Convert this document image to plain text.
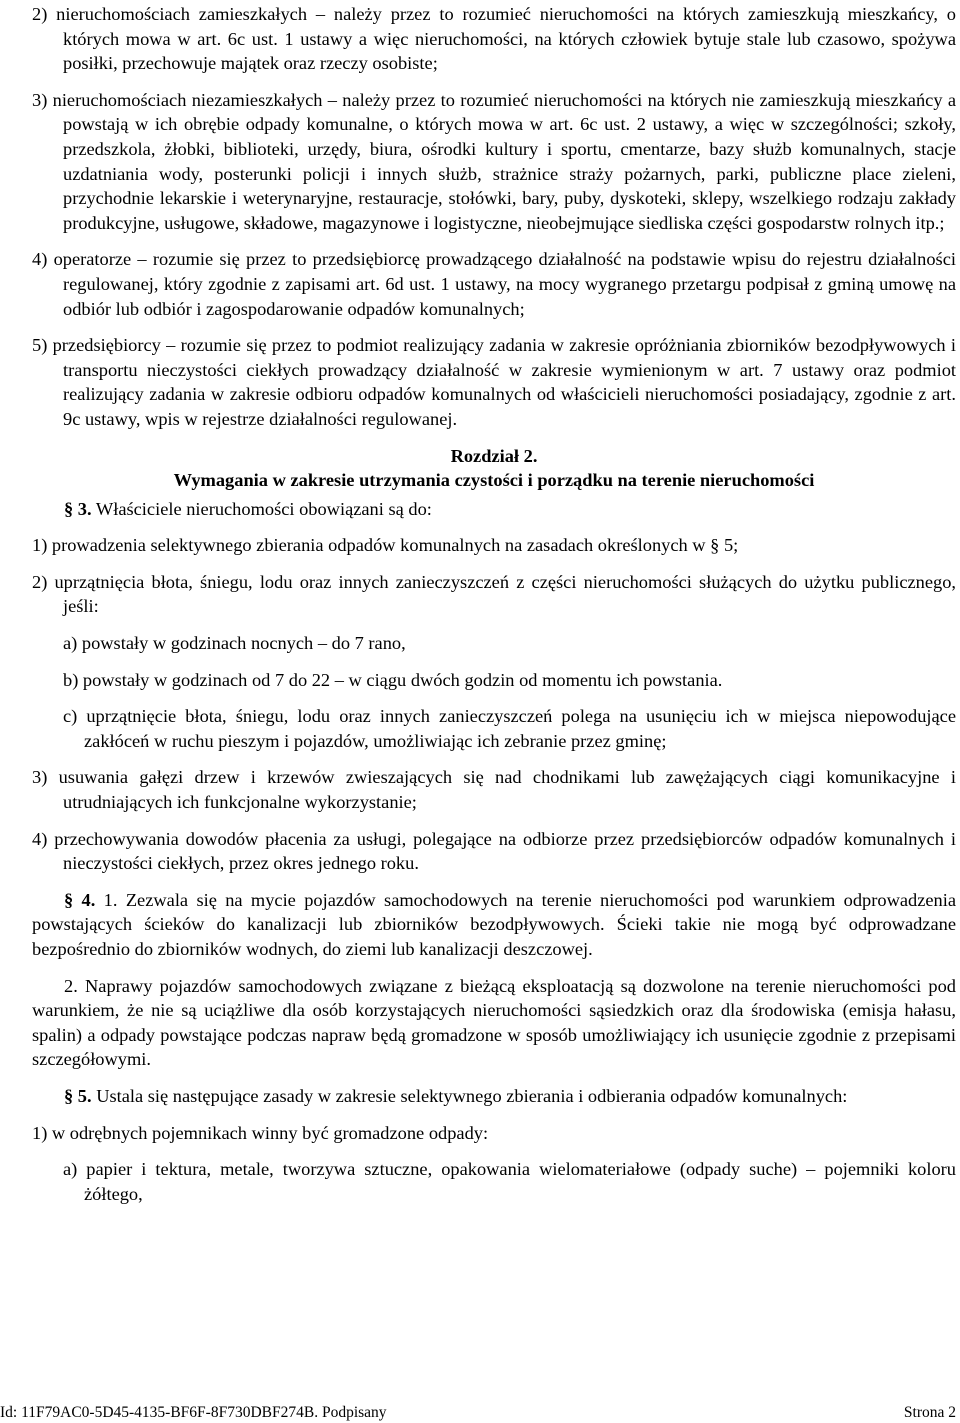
2) nieruchomościach zamieszkałych – należy przez to rozumieć nieruchomości na których zamieszkują mieszkańcy, o których mowa w art. 6c ust. 1 ustawy a więc nieruchomości, na których człowiek bytuje stale lub czasowo, spożywa posiłki, przechowuje majątek oraz rzeczy osobiste;

3) nieruchomościach niezamieszkałych – należy przez to rozumieć nieruchomości na których nie zamieszkują mieszkańcy a powstają w ich obrębie odpady komunalne, o których mowa w art. 6c ust. 2 ustawy, a więc w szczególności; szkoły, przedszkola, żłobki, biblioteki, urzędy, biura, ośrodki kultury i sportu, cmentarze, bazy służb komunalnych, stacje uzdatniania wody, posterunki policji i innych służb, strażnice straży pożarnych, parki, publiczne place zieleni, przychodnie lekarskie i weterynaryjne, restauracje, stołówki, bary, puby, dyskoteki, sklepy, wszelkiego rodzaju zakłady produkcyjne, usługowe, składowe, magazynowe i logistyczne, nieobejmujące siedliska części gospodarstw rolnych itp.;

4) operatorze – rozumie się przez to przedsiębiorcę prowadzącego działalność na podstawie wpisu do rejestru działalności regulowanej, który zgodnie z zapisami art. 6d ust. 1 ustawy, na mocy wygranego przetargu podpisał z gminą umowę na odbiór lub odbiór i zagospodarowanie odpadów komunalnych;

5) przedsiębiorcy – rozumie się przez to podmiot realizujący zadania w zakresie opróżniania zbiorników bezodpływowych i transportu nieczystości ciekłych prowadzący działalność w zakresie wymienionym w art. 7 ustawy oraz podmiot realizujący zadania w zakresie odbioru odpadów komunalnych od właścicieli nieruchomości posiadający, zgodnie z art. 9c ustawy, wpis w rejestrze działalności regulowanej.

Rozdział 2.

Wymagania w zakresie utrzymania czystości i porządku na terenie nieruchomości

§ 3. Właściciele nieruchomości obowiązani są do:

1) prowadzenia selektywnego zbierania odpadów komunalnych na zasadach określonych w § 5;

2) uprzątnięcia błota, śniegu, lodu oraz innych zanieczyszczeń z części nieruchomości służących do użytku publicznego, jeśli:

a) powstały w godzinach nocnych – do 7 rano,

b) powstały w godzinach od 7 do 22 – w ciągu dwóch godzin od momentu ich powstania.

c) uprzątnięcie błota, śniegu, lodu oraz innych zanieczyszczeń polega na usunięciu ich w miejsca niepowodujące zakłóceń w ruchu pieszym i pojazdów, umożliwiając ich zebranie przez gminę;

3) usuwania gałęzi drzew i krzewów zwieszających się nad chodnikami lub zawężających ciągi komunikacyjne i utrudniających ich funkcjonalne wykorzystanie;

4) przechowywania dowodów płacenia za usługi, polegające na odbiorze przez przedsiębiorców odpadów komunalnych i nieczystości ciekłych, przez okres jednego roku.

§ 4. 1. Zezwala się na mycie pojazdów samochodowych na terenie nieruchomości pod warunkiem odprowadzenia powstających ścieków do kanalizacji lub zbiorników bezodpływowych. Ścieki takie nie mogą być odprowadzane bezpośrednio do zbiorników wodnych, do ziemi lub kanalizacji deszczowej.

2. Naprawy pojazdów samochodowych związane z bieżącą eksploatacją są dozwolone na terenie nieruchomości pod warunkiem, że nie są uciążliwe dla osób korzystających nieruchomości sąsiedzkich oraz dla środowiska (emisja hałasu, spalin) a odpady powstające podczas napraw będą gromadzone w sposób umożliwiający ich usunięcie zgodnie z przepisami szczegółowymi.

§ 5. Ustala się następujące zasady w zakresie selektywnego zbierania i odbierania odpadów komunalnych:

1) w odrębnych pojemnikach winny być gromadzone odpady:

a) papier i tektura, metale, tworzywa sztuczne, opakowania wielomateriałowe (odpady suche) – pojemniki koloru żółtego,

Id: 11F79AC0-5D45-4135-BF6F-8F730DBF274B. Podpisany	Strona 2
